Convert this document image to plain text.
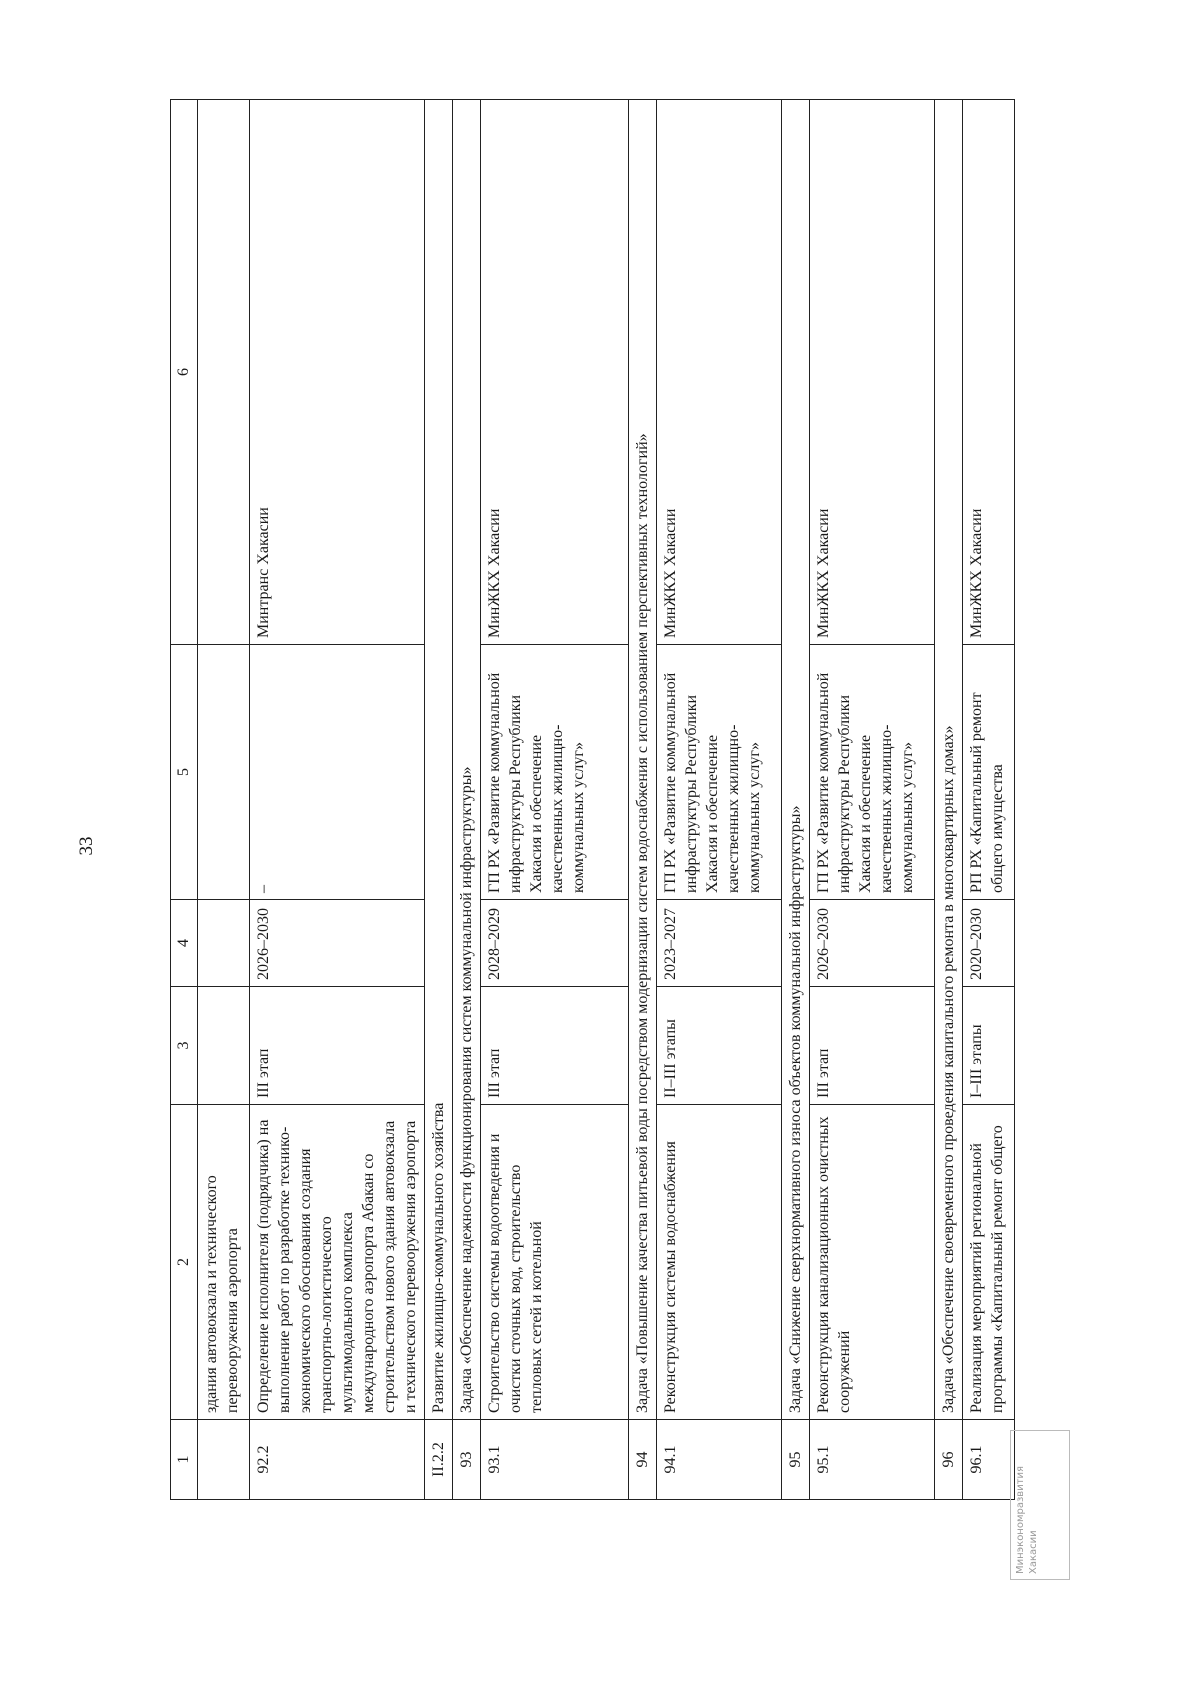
33
1	2	3	4	5	6
	здания автовокзала и технического перевооружения аэропорта				
92.2	Определение исполнителя (подрядчика) на выполнение работ по разработке технико-экономического обоснования создания транспортно-логистического мультимодального комплекса международного аэропорта Абакан со строительством нового здания автовокзала и технического перевооружения аэропорта	III этап	2026–2030	–	Минтранс Хакасии
II.2.2	Развитие жилищно-коммунального хозяйства				
93	Задача «Обеспечение надежности функционирования систем коммунальной инфраструктуры»				
93.1	Строительство системы водоотведения и очистки сточных вод, строительство тепловых сетей и котельной	III этап	2028–2029	ГП РХ «Развитие коммунальной инфраструктуры Республики Хакасия и обеспечение качественных жилищно-коммунальных услуг»	МинЖКХ Хакасии
94	Задача «Повышение качества питьевой воды посредством модернизации систем водоснабжения с использованием перспективных технологий»				
94.1	Реконструкция системы водоснабжения	II–III этапы	2023–2027	ГП РХ «Развитие коммунальной инфраструктуры Республики Хакасия и обеспечение качественных жилищно-коммунальных услуг»	МинЖКХ Хакасии
95	Задача «Снижение сверхнормативного износа объектов коммунальной инфраструктуры»				
95.1	Реконструкция канализационных очистных сооружений	III этап	2026–2030	ГП РХ «Развитие коммунальной инфраструктуры Республики Хакасия и обеспечение качественных жилищно-коммунальных услуг»	МинЖКХ Хакасии
96	Задача «Обеспечение своевременного проведения капитального ремонта в многоквартирных домах»				
96.1	Реализация мероприятий региональной программы «Капитальный ремонт общего	I–III этапы	2020–2030	РП РХ «Капитальный ремонт общего имущества	МинЖКХ Хакасии
Минэкономразвития Хакасии
